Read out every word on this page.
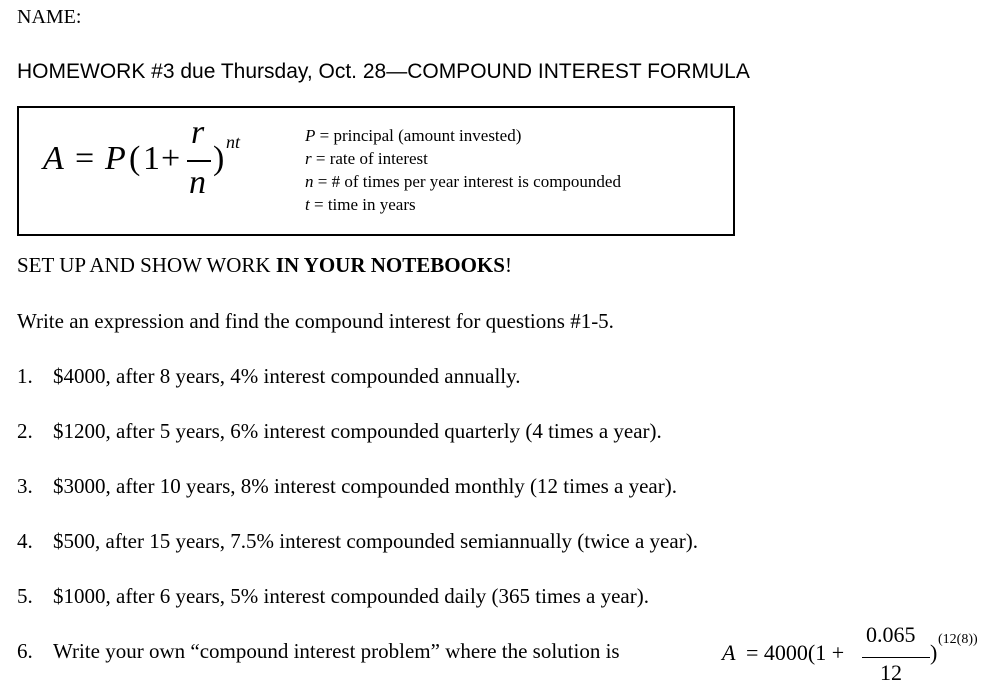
NAME:
HOMEWORK #3 due Thursday, Oct. 28—COMPOUND INTEREST FORMULA
A = P ( 1 +
r
n
) nt	P = principal (amount invested)
r = rate of interest
n = # of times per year interest is compounded
t = time in years
SET UP AND SHOW WORK IN YOUR NOTEBOOKS!
Write an expression and find the compound interest for questions #1-5.
1. $4000, after 8 years, 4% interest compounded annually.
2. $1200, after 5 years, 6% interest compounded quarterly (4 times a year).
3. $3000, after 10 years, 8% interest compounded monthly (12 times a year).
4. $500, after 15 years, 7.5% interest compounded semiannually (twice a year).
5. $1000, after 6 years, 5% interest compounded daily (365 times a year).
6. Write your own “compound interest problem” where the solution is	A = 4000(1 +
0.065
12
)
(12(8))
